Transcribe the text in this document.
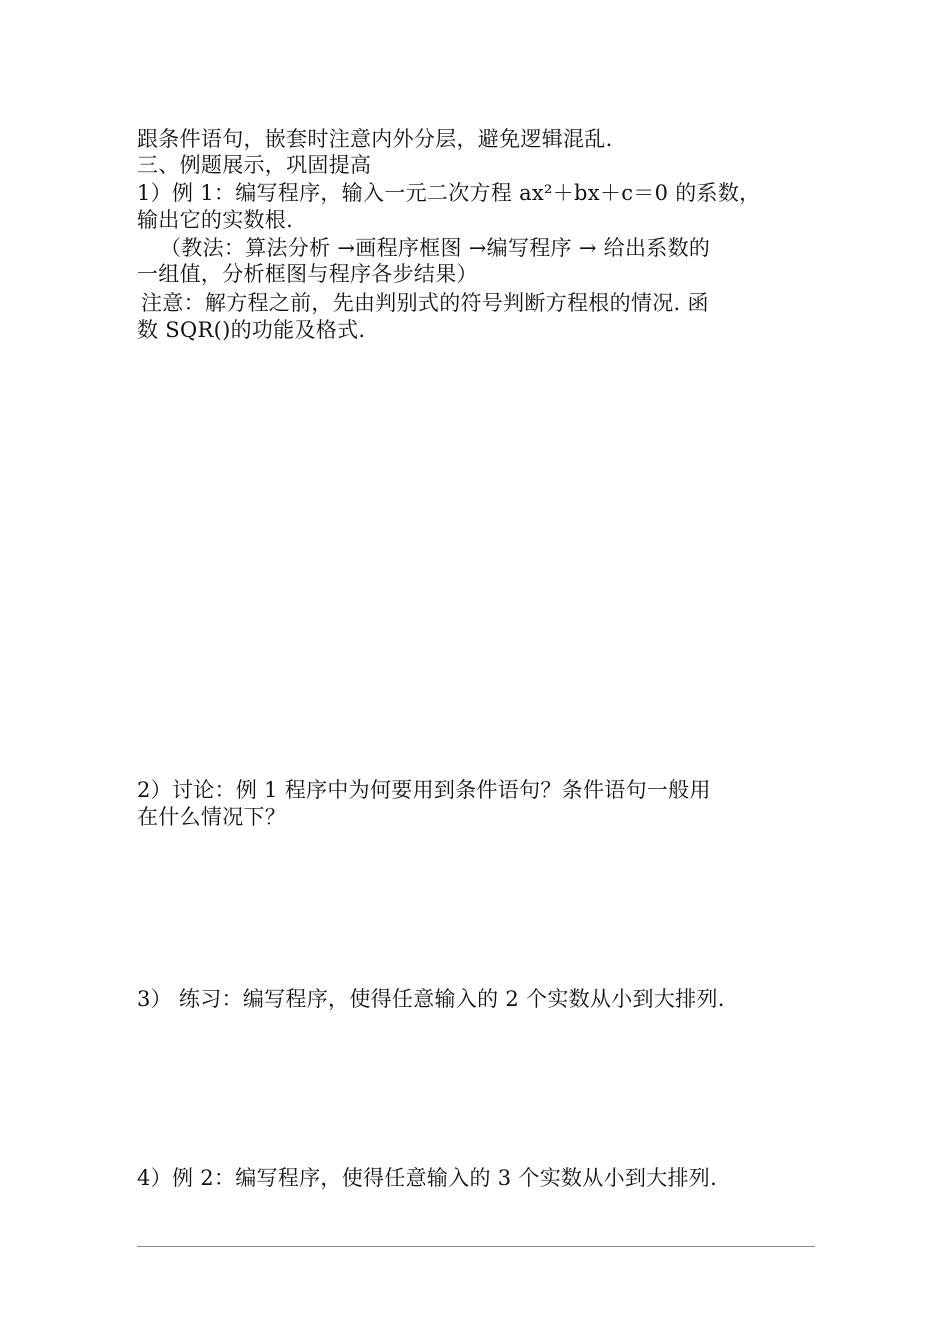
跟条件语句，嵌套时注意内外分层，避免逻辑混乱.
三、例题展示，巩固提高
1）例 1：编写程序，输入一元二次方程 ax²＋bx＋c＝0 的系数，
输出它的实数根.
（教法：算法分析 →画程序框图 →编写程序 → 给出系数的
一组值，分析框图与程序各步结果）
注意：解方程之前，先由判别式的符号判断方程根的情况. 函
数 SQR()的功能及格式.
2）讨论：例 1 程序中为何要用到条件语句？条件语句一般用
在什么情况下？
3） 练习：编写程序，使得任意输入的 2 个实数从小到大排列.
4）例 2：编写程序，使得任意输入的 3 个实数从小到大排列.
